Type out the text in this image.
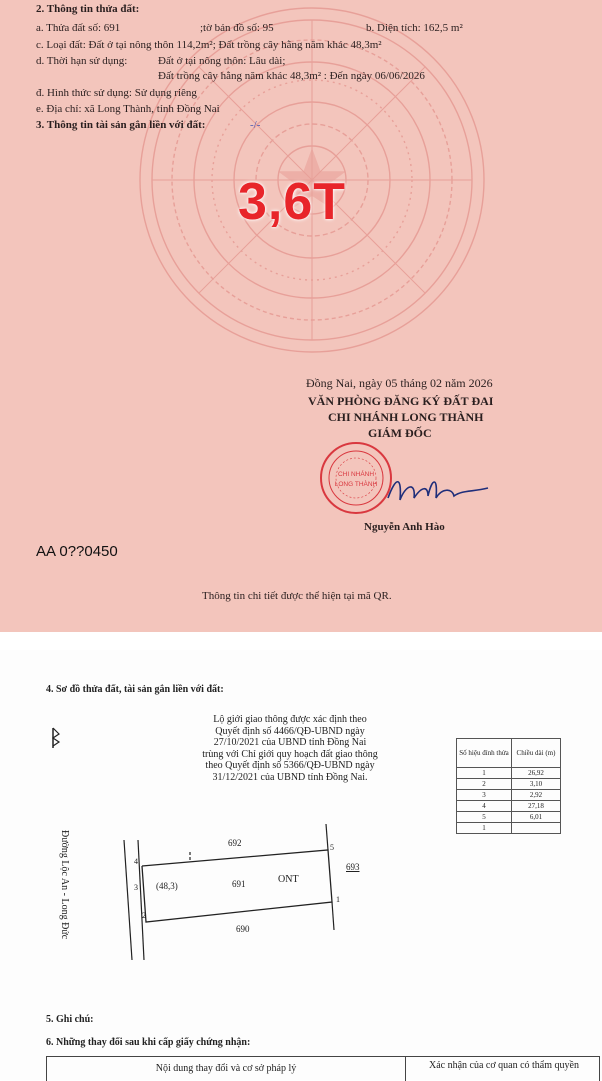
2. Thông tin thửa đất:
a. Thửa đất số: 691	;tờ bản đồ số: 95	b. Diện tích: 162,5 m²
c. Loại đất: Đất ở tại nông thôn 114,2m²; Đất trồng cây hằng năm khác 48,3m²
d. Thời hạn sử dụng:	Đất ở tại nông thôn: Lâu dài;
Đất trồng cây hằng năm khác 48,3m² : Đến ngày 06/06/2026
đ. Hình thức sử dụng: Sử dụng riêng
e. Địa chỉ: xã Long Thành, tỉnh Đồng Nai
3. Thông tin tài sản gắn liền với đất:	-/-
3,6T
Đồng Nai, ngày 05 tháng 02 năm 2026
VĂN PHÒNG ĐĂNG KÝ ĐẤT ĐAI
CHI NHÁNH LONG THÀNH
GIÁM ĐỐC
CHI NHÁNH
LONG THÀNH
Nguyễn Anh Hào
AA 0??0450
Thông tin chi tiết được thể hiện tại mã QR.
4. Sơ đồ thửa đất, tài sản gắn liền với đất:
Lộ giới giao thông được xác định theo
Quyết định số 4466/QĐ-UBND ngày
27/10/2021 của UBND tỉnh Đồng Nai
trùng với Chỉ giới quy hoạch đất giao thông
theo Quyết định số 5366/QĐ-UBND ngày
31/12/2021 của UBND tỉnh Đồng Nai.
Số hiệu đỉnh thửa	Chiều dài (m)
1	26,92
2	3,10
3	2,92
4	27,18
5	6,01
1	
4
3
2
5
1
692
693
690
691	ONT
(48,3)
Đường Lộc An - Long Đức
5. Ghi chú:
6. Những thay đổi sau khi cấp giấy chứng nhận:
Nội dung thay đổi và cơ sở pháp lý	Xác nhận của cơ quan có thẩm quyền
